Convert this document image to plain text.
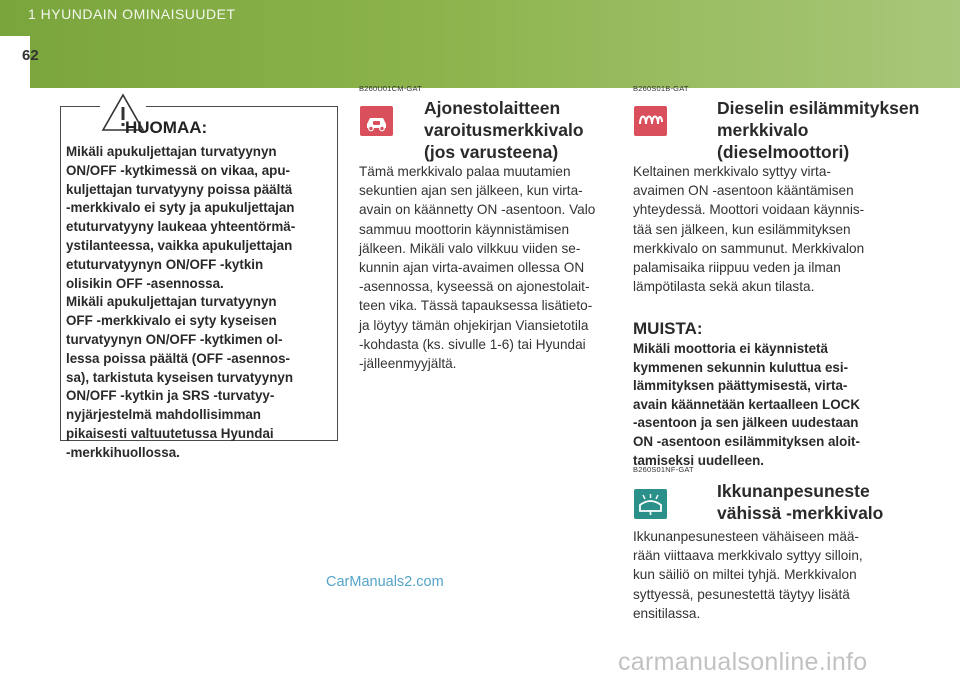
1 HYUNDAIN OMINAISUUDET
62
HUOMAA:
Mikäli apukuljettajan turvatyynyn
ON/OFF -kytkimessä on vikaa, apu-
kuljettajan turvatyyny poissa päältä
-merkkivalo ei syty ja apukuljettajan
etuturvatyyny laukeaa yhteentörmä-
ystilanteessa, vaikka apukuljettajan
etuturvatyynyn ON/OFF -kytkin
olisikin OFF -asennossa.
Mikäli apukuljettajan turvatyynyn
OFF -merkkivalo ei syty kyseisen
turvatyynyn ON/OFF -kytkimen ol-
lessa poissa päältä (OFF -asennos-
sa), tarkistuta kyseisen turvatyynyn
ON/OFF -kytkin ja SRS -turvatyy-
nyjärjestelmä mahdollisimman
pikaisesti valtuutetussa Hyundai
-merkkihuollossa.
B260U01CM-GAT
Ajonestolaitteen
varoitusmerkkivalo
(jos varusteena)
Tämä merkkivalo palaa muutamien
sekuntien ajan sen jälkeen, kun virta-
avain on käännetty ON -asentoon. Valo
sammuu moottorin käynnistämisen
jälkeen. Mikäli valo vilkkuu viiden se-
kunnin ajan virta-avaimen ollessa ON
-asennossa, kyseessä on ajonestolait-
teen vika. Tässä tapauksessa lisätieto-
ja löytyy tämän ohjekirjan Viansietotila
-kohdasta (ks. sivulle 1-6) tai Hyundai
-jälleenmyyjältä.
B260S01B-GAT
Dieselin esilämmityksen
merkkivalo
(dieselmoottori)
Keltainen merkkivalo syttyy virta-
avaimen ON -asentoon kääntämisen
yhteydessä. Moottori voidaan käynnis-
tää sen jälkeen, kun esilämmityksen
merkkivalo on sammunut. Merkkivalon
palamisaika riippuu veden ja ilman
lämpötilasta sekä akun tilasta.
MUISTA:
Mikäli moottoria ei käynnistetä
kymmenen sekunnin kuluttua esi-
lämmityksen päättymisestä, virta-
avain käännetään kertaalleen LOCK
-asentoon ja sen jälkeen uudestaan
ON -asentoon esilämmityksen aloit-
tamiseksi uudelleen.
B260S01NF-GAT
Ikkunanpesuneste
vähissä -merkkivalo
Ikkunanpesunesteen vähäiseen mää-
rään viittaava merkkivalo syttyy silloin,
kun säiliö on miltei tyhjä. Merkkivalon
syttyessä, pesunestettä täytyy lisätä
ensitilassa.
CarManuals2.com
carmanualsonline.info
